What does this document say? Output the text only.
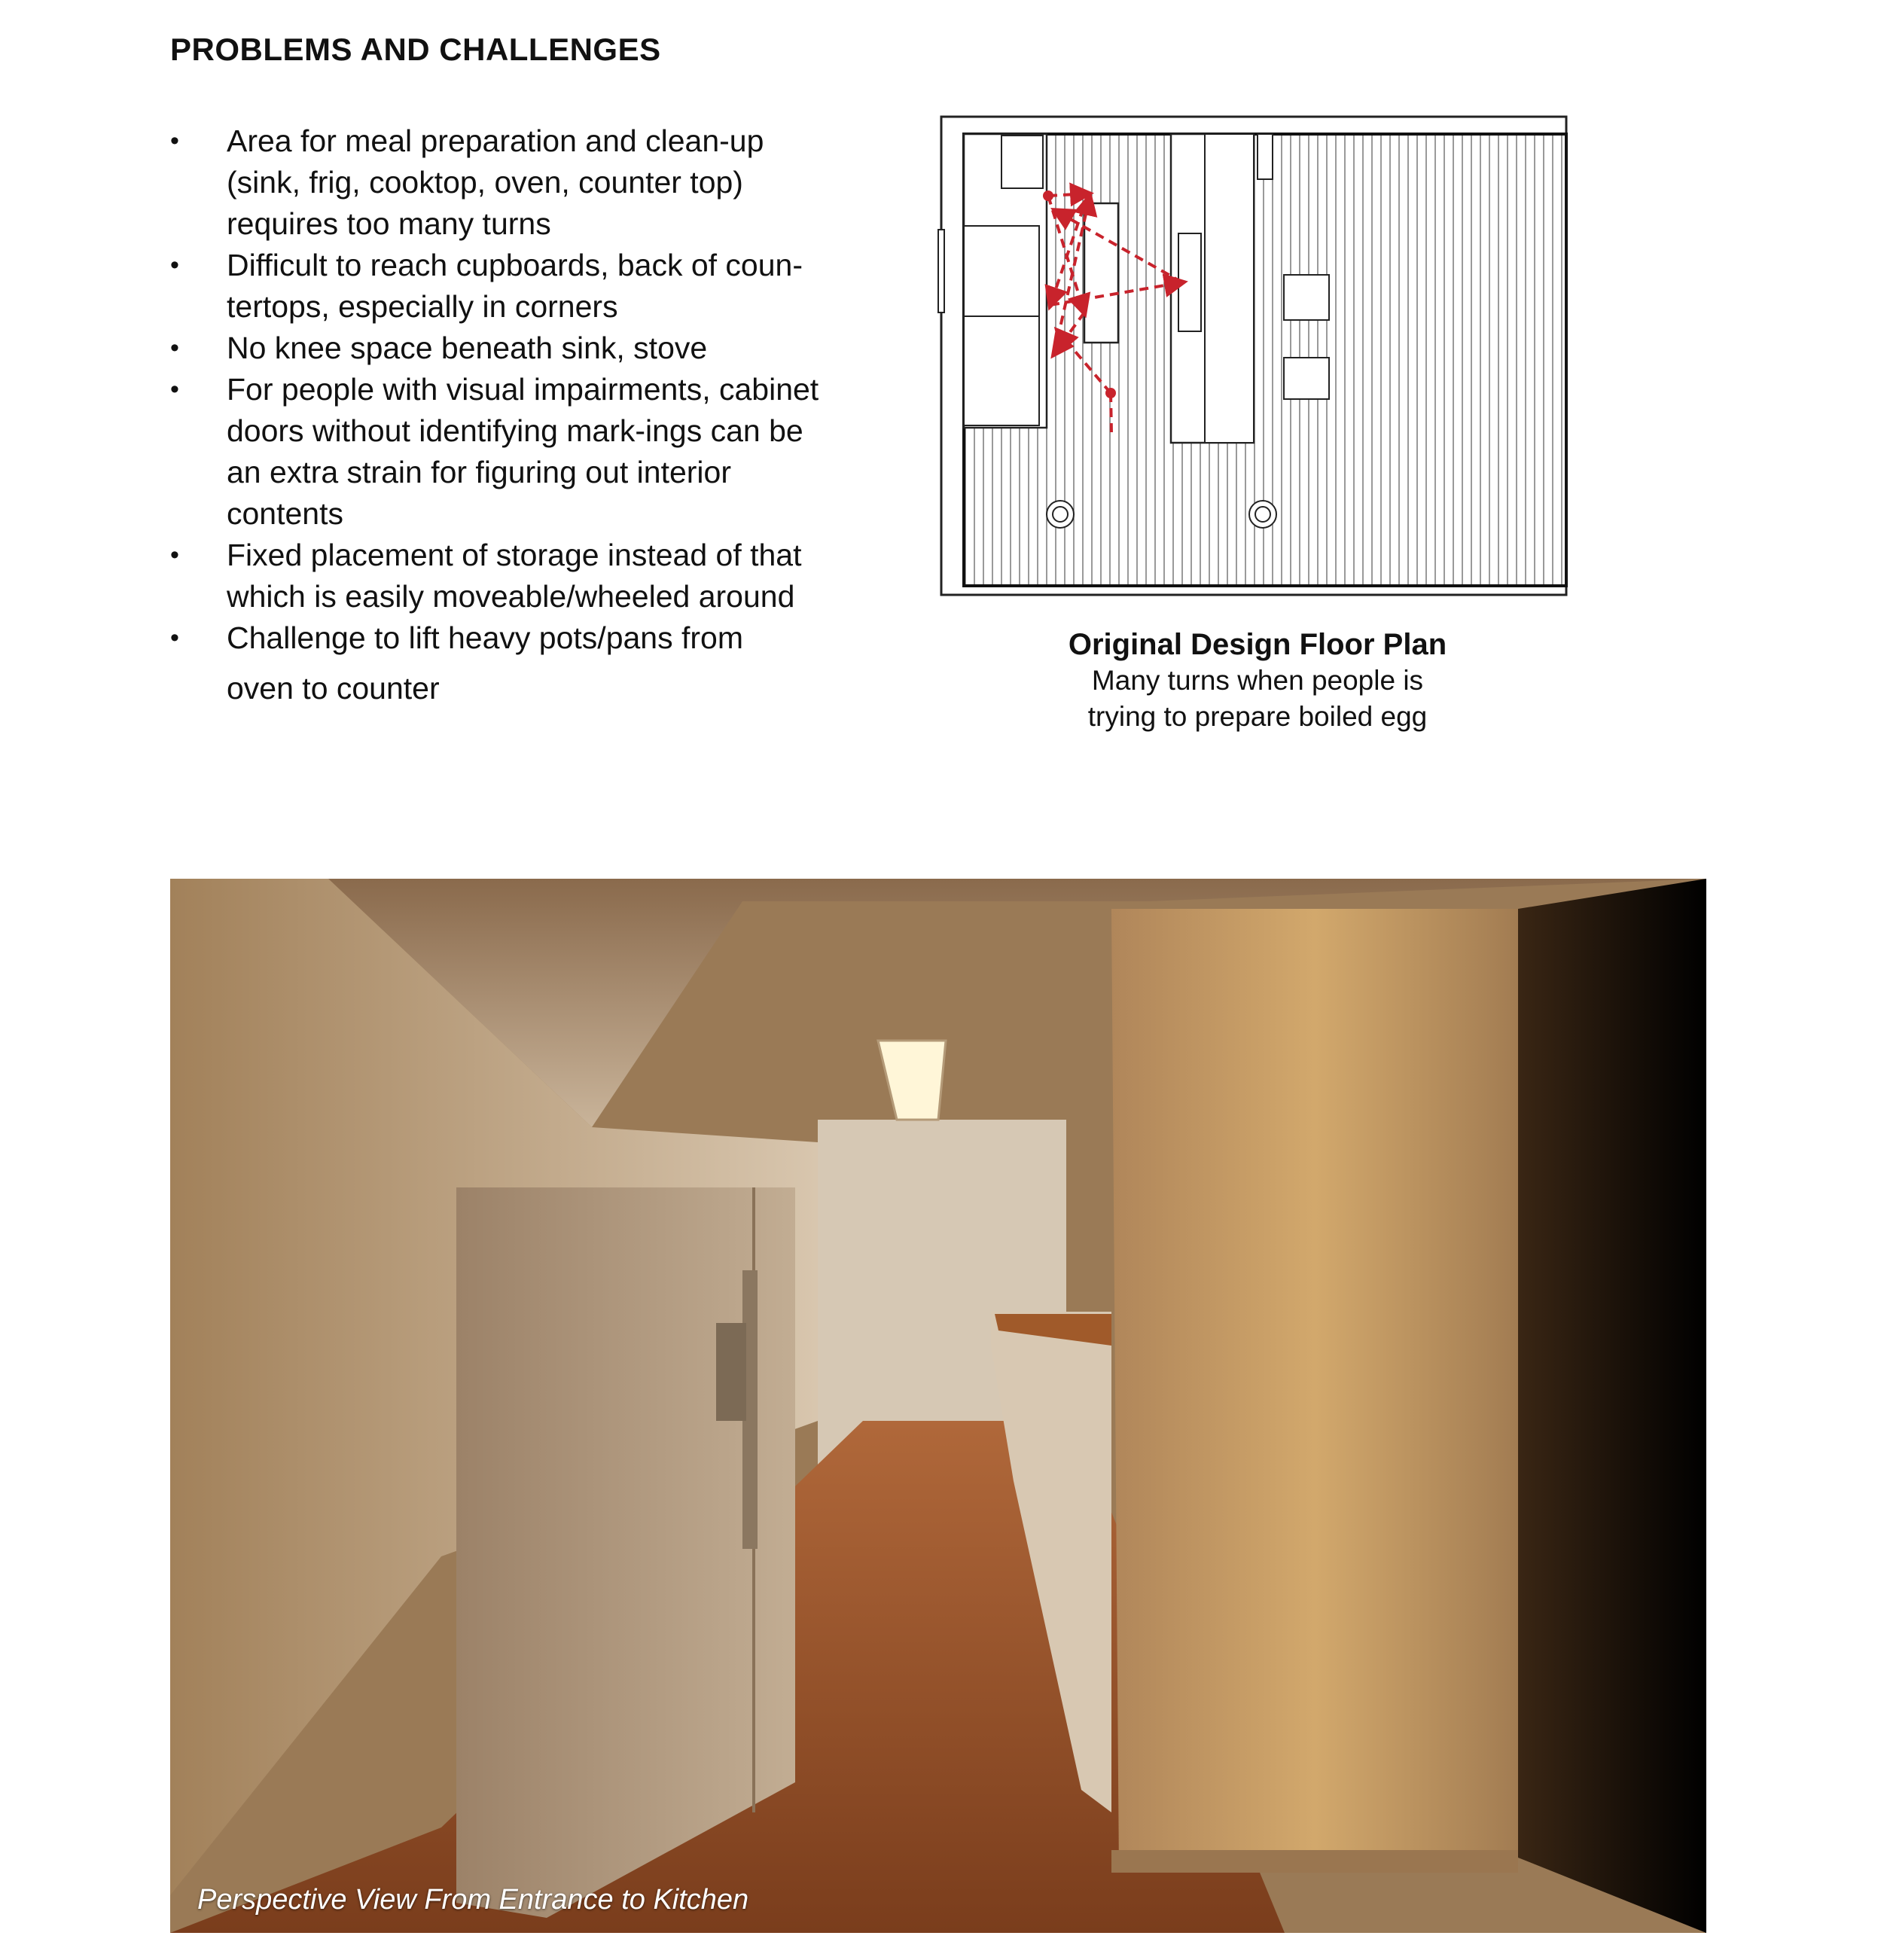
PROBLEMS AND CHALLENGES
• Area for meal preparation and clean-up (sink, frig, cooktop, oven, counter top) requires too many turns
• Difficult to reach cupboards, back of coun-tertops, especially in corners
• No knee space beneath sink, stove
• For people with visual impairments, cabinet doors without identifying mark-ings can be an extra strain for figuring out interior contents
• Fixed placement of storage instead of that which is easily moveable/wheeled around
• Challenge to lift heavy pots/pans from
oven to counter
Original Design Floor Plan
Many turns when people is
trying to prepare boiled egg
Perspective View From Entrance to Kitchen
